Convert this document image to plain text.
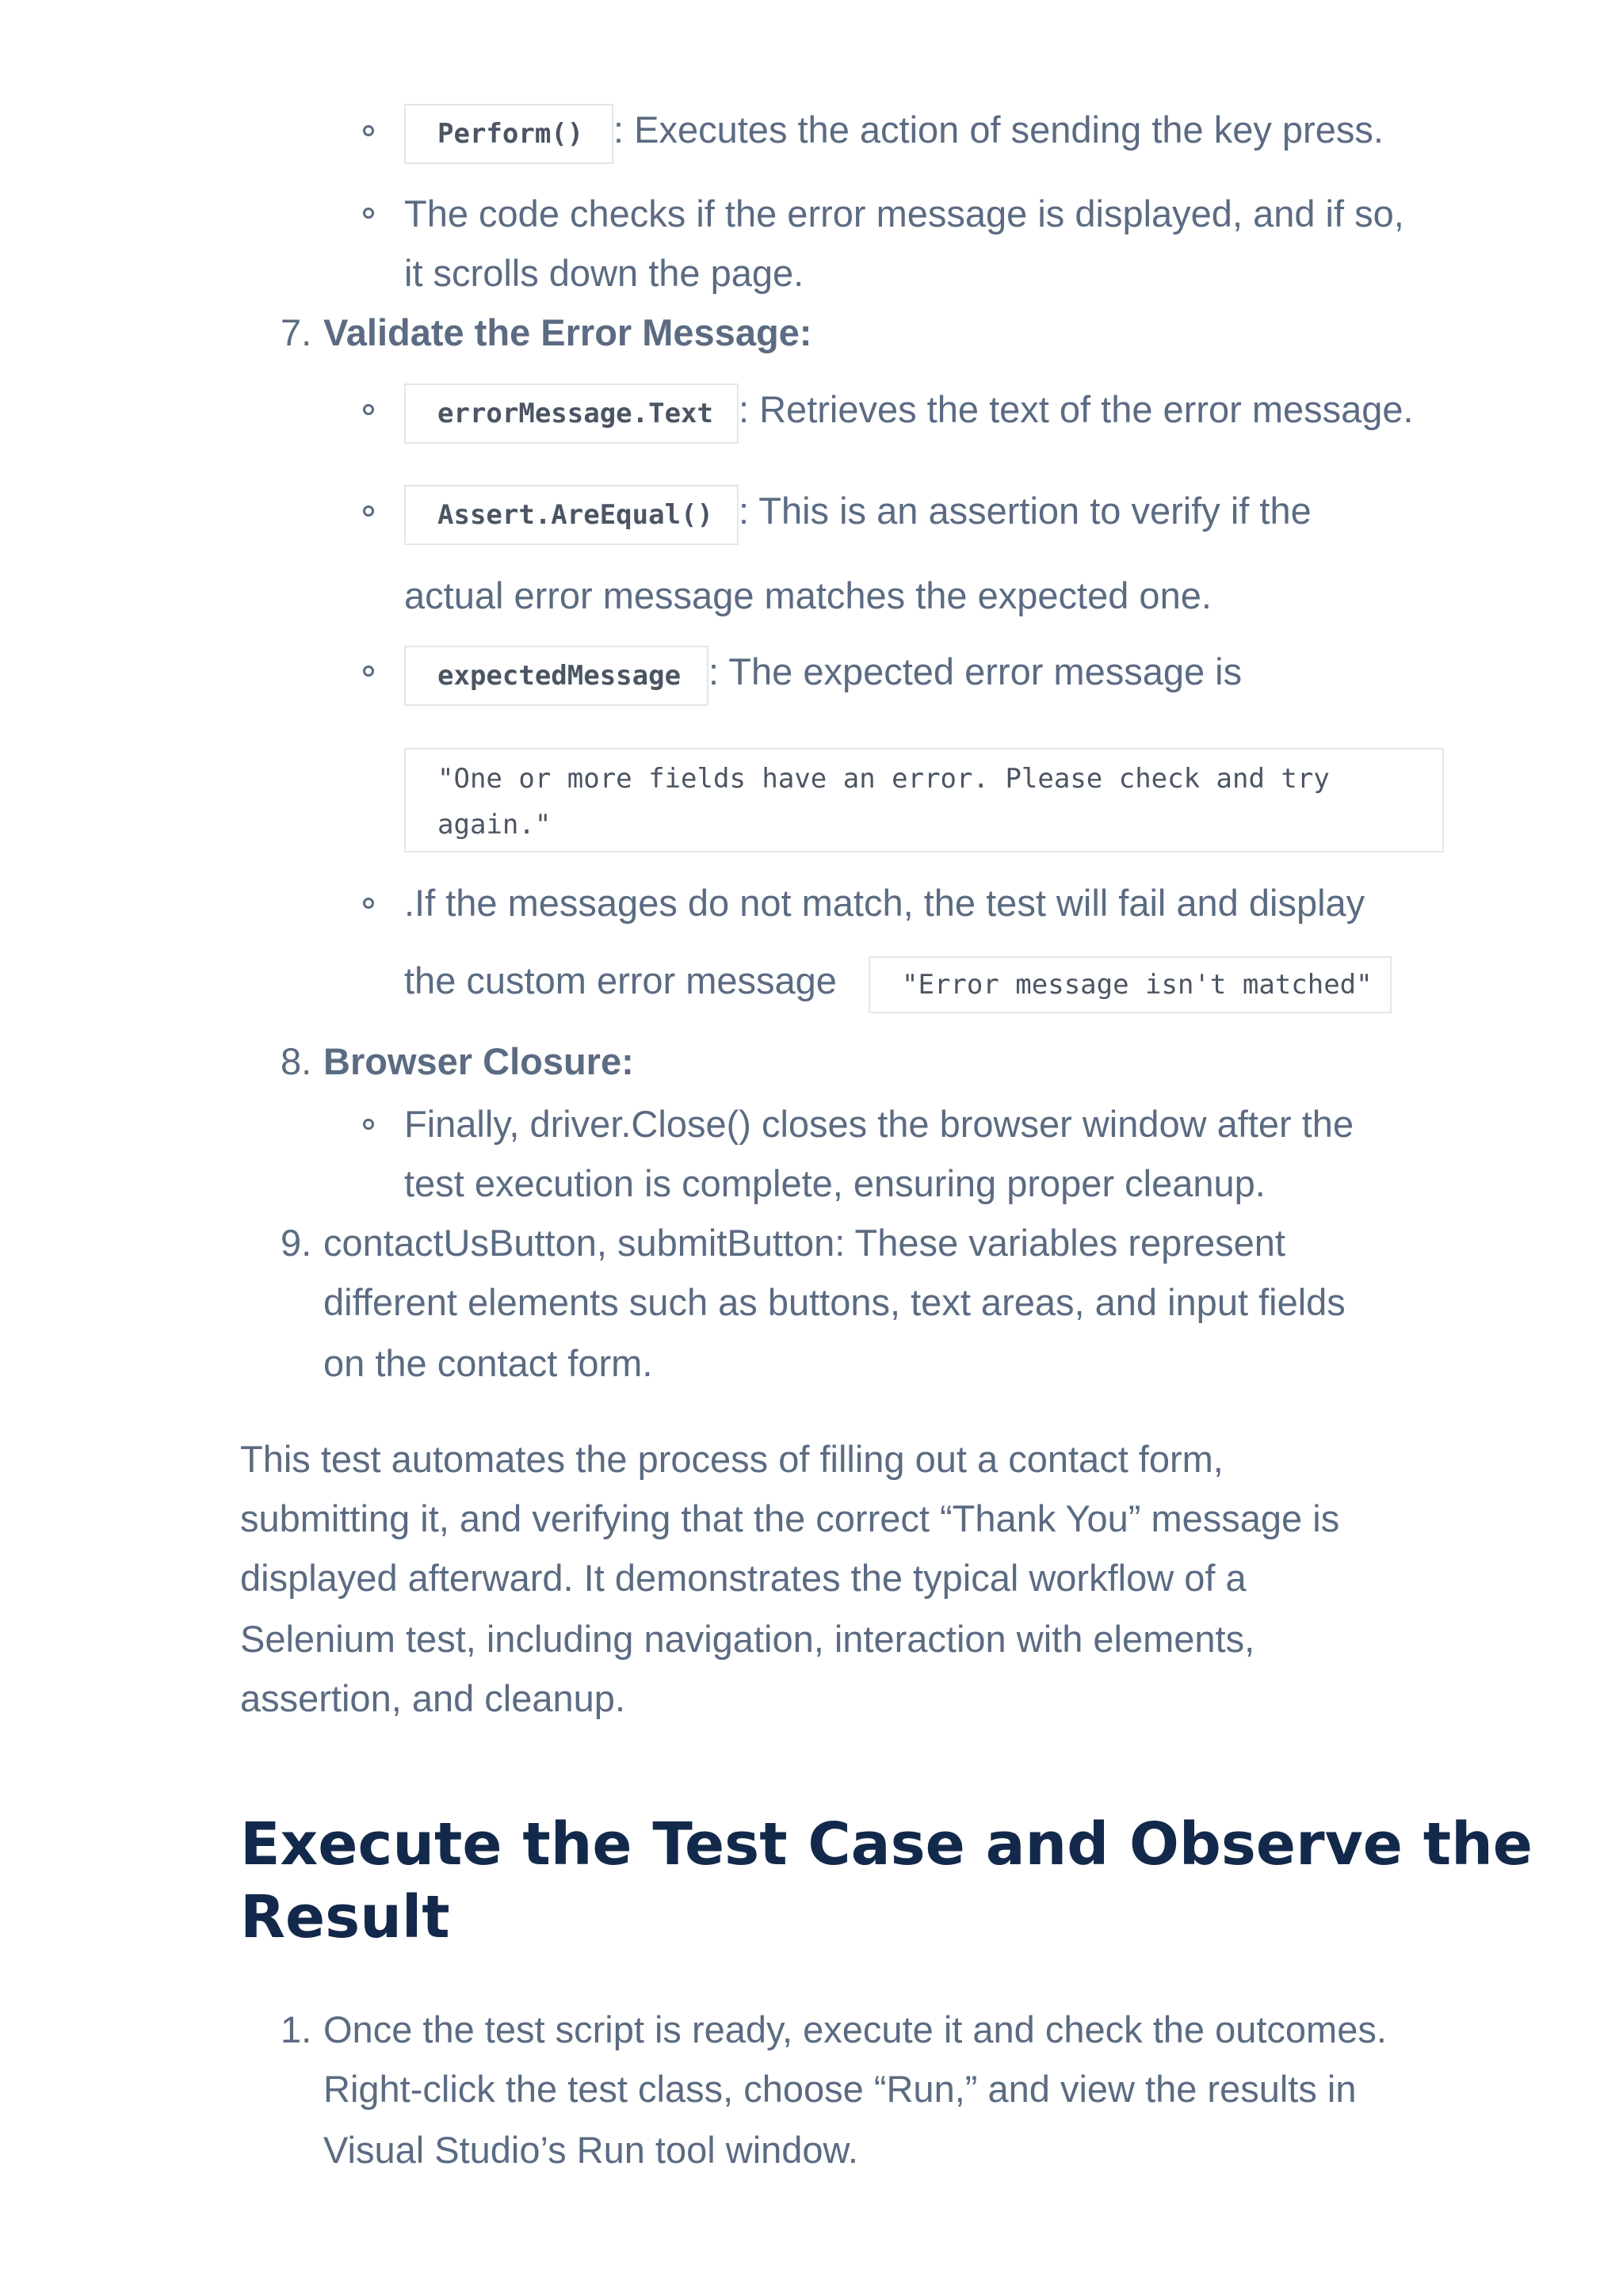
Perform() : Executes the action of sending the key press.
The code checks if the error message is displayed, and if so,
it scrolls down the page.
7. Validate the Error Message:
errorMessage.Text : Retrieves the text of the error message.
Assert.AreEqual() : This is an assertion to verify if the
actual error message matches the expected one.
expectedMessage : The expected error message is
"One or more fields have an error. Please check and try
again."
.If the messages do not match, the test will fail and display
the custom error message	"Error message isn't matched"
8. Browser Closure:
Finally, driver.Close() closes the browser window after the
test execution is complete, ensuring proper cleanup.
9. contactUsButton, submitButton: These variables represent
different elements such as buttons, text areas, and input fields
on the contact form.
This test automates the process of filling out a contact form,
submitting it, and verifying that the correct “Thank You” message is
displayed afterward. It demonstrates the typical workflow of a
Selenium test, including navigation, interaction with elements,
assertion, and cleanup.
Execute the Test Case and Observe the
Result
1. Once the test script is ready, execute it and check the outcomes.
Right-click the test class, choose “Run,” and view the results in
Visual Studio’s Run tool window.
